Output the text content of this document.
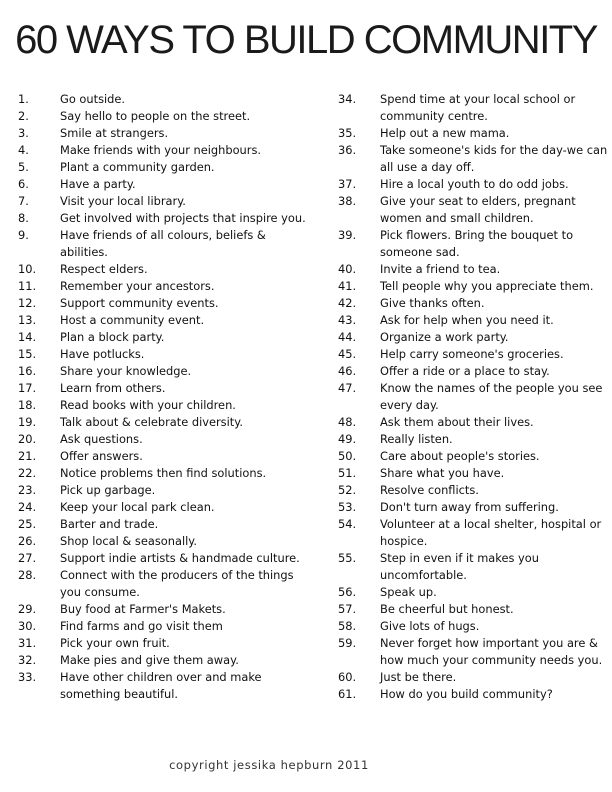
60 WAYS TO BUILD COMMUNITY
1.	Go outside.
2.	Say hello to people on the street.
3.	Smile at strangers.
4.	Make friends with your neighbours.
5.	Plant a community garden.
6.	Have a party.
7.	Visit your local library.
8.	Get involved with projects that inspire you.
9.	Have friends of all colours, beliefs & abilities.
10.	Respect elders.
11.	Remember your ancestors.
12.	Support community events.
13.	Host a community event.
14.	Plan a block party.
15.	Have potlucks.
16.	Share your knowledge.
17.	Learn from others.
18.	Read books with your children.
19.	Talk about & celebrate diversity.
20.	Ask questions.
21.	Offer answers.
22.	Notice problems then find solutions.
23.	Pick up garbage.
24.	Keep your local park clean.
25.	Barter and trade.
26.	Shop local & seasonally.
27.	Support indie artists & handmade culture.
28.	Connect with the producers of the things you consume.
29.	Buy food at Farmer's Makets.
30.	Find farms and go visit them
31.	Pick your own fruit.
32.	Make pies and give them away.
33.	Have other children over and make something beautiful.
34.	Spend time at your local school or community centre.
35.	Help out a new mama.
36.	Take someone's kids for the day-we can all use a day off.
37.	Hire a local youth to do odd jobs.
38.	Give your seat to elders, pregnant women and small children.
39.	Pick flowers. Bring the bouquet to someone sad.
40.	Invite a friend to tea.
41.	Tell people why you appreciate them.
42.	Give thanks often.
43.	Ask for help when you need it.
44.	Organize a work party.
45.	Help carry someone's groceries.
46.	Offer a ride or a place to stay.
47.	Know the names of the people you see every day.
48.	Ask them about their lives.
49.	Really listen.
50.	Care about people's stories.
51.	Share what you have.
52.	Resolve conflicts.
53.	Don't turn away from suffering.
54.	Volunteer at a local shelter, hospital or hospice.
55.	Step in even if it makes you uncomfortable.
56.	Speak up.
57.	Be cheerful but honest.
58.	Give lots of hugs.
59.	Never forget how important you are & how much your community needs you.
60.	Just be there.
61.	How do you build community?
copyright jessika hepburn 2011
